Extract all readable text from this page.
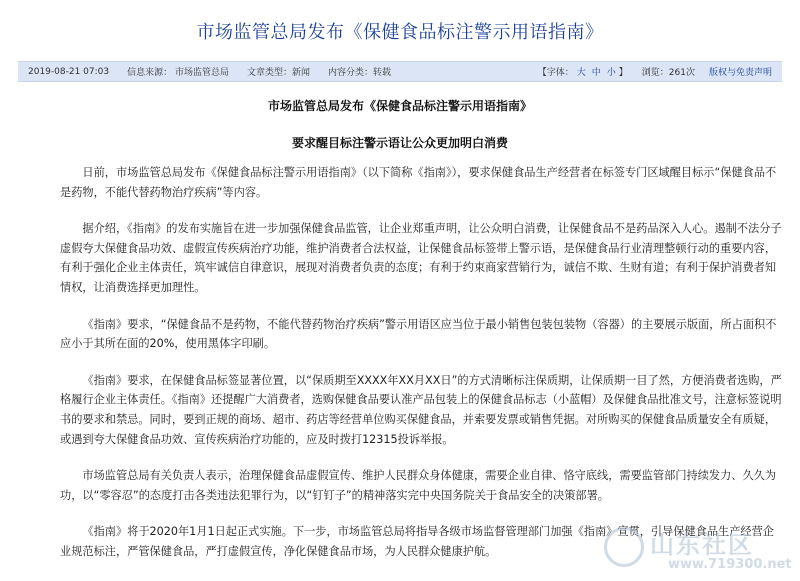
市场监管总局发布《保健食品标注警示用语指南》
2019-08-21 07:03 信息来源： 市场监管总局 文章类型：新闻 内容分类：转载	【字体： 大 中 小 】 浏览：261次 版权与免责声明
市场监管总局发布《保健食品标注警示用语指南》
要求醒目标注警示语让公众更加明白消费

日前，市场监管总局发布《保健食品标注警示用语指南》（以下简称《指南》），要求保健食品生产经营者在标签专门区域醒目标示“保健食品不是药物，不能代替药物治疗疾病”等内容。

据介绍，《指南》的发布实施旨在进一步加强保健食品监管，让企业郑重声明，让公众明白消费，让保健食品不是药品深入人心。遏制不法分子虚假夸大保健食品功效、虚假宣传疾病治疗功能，维护消费者合法权益，让保健食品标签带上警示语，是保健食品行业清理整顿行动的重要内容，有利于强化企业主体责任，筑牢诚信自律意识，展现对消费者负责的态度；有利于约束商家营销行为，诚信不欺、生财有道；有利于保护消费者知情权，让消费选择更加理性。

《指南》要求，“保健食品不是药物，不能代替药物治疗疾病”警示用语区应当位于最小销售包装包装物（容器）的主要展示版面，所占面积不应小于其所在面的20%，使用黑体字印刷。

《指南》要求，在保健食品标签显著位置，以“保质期至XXXX年XX月XX日”的方式清晰标注保质期，让保质期一目了然，方便消费者选购，严格履行企业主体责任。《指南》还提醒广大消费者，选购保健食品要认准产品包装上的保健食品标志（小蓝帽）及保健食品批准文号，注意标签说明书的要求和禁忌。同时，要到正规的商场、超市、药店等经营单位购买保健食品，并索要发票或销售凭据。对所购买的保健食品质量安全有质疑，或遇到夸大保健食品功效、宣传疾病治疗功能的，应及时拨打12315投诉举报。

市场监管总局有关负责人表示，治理保健食品虚假宣传、维护人民群众身体健康，需要企业自律、恪守底线，需要监管部门持续发力、久久为功，以“零容忍”的态度打击各类违法犯罪行为，以“钉钉子”的精神落实完中央国务院关于食品安全的决策部署。

《指南》将于2020年1月1日起正式实施。下一步，市场监管总局将指导各级市场监督管理部门加强《指南》宣贯，引导保健食品生产经营企业规范标注，严管保健食品，严打虚假宣传，净化保健食品市场，为人民群众健康护航。	山东社区
www.719300.net
